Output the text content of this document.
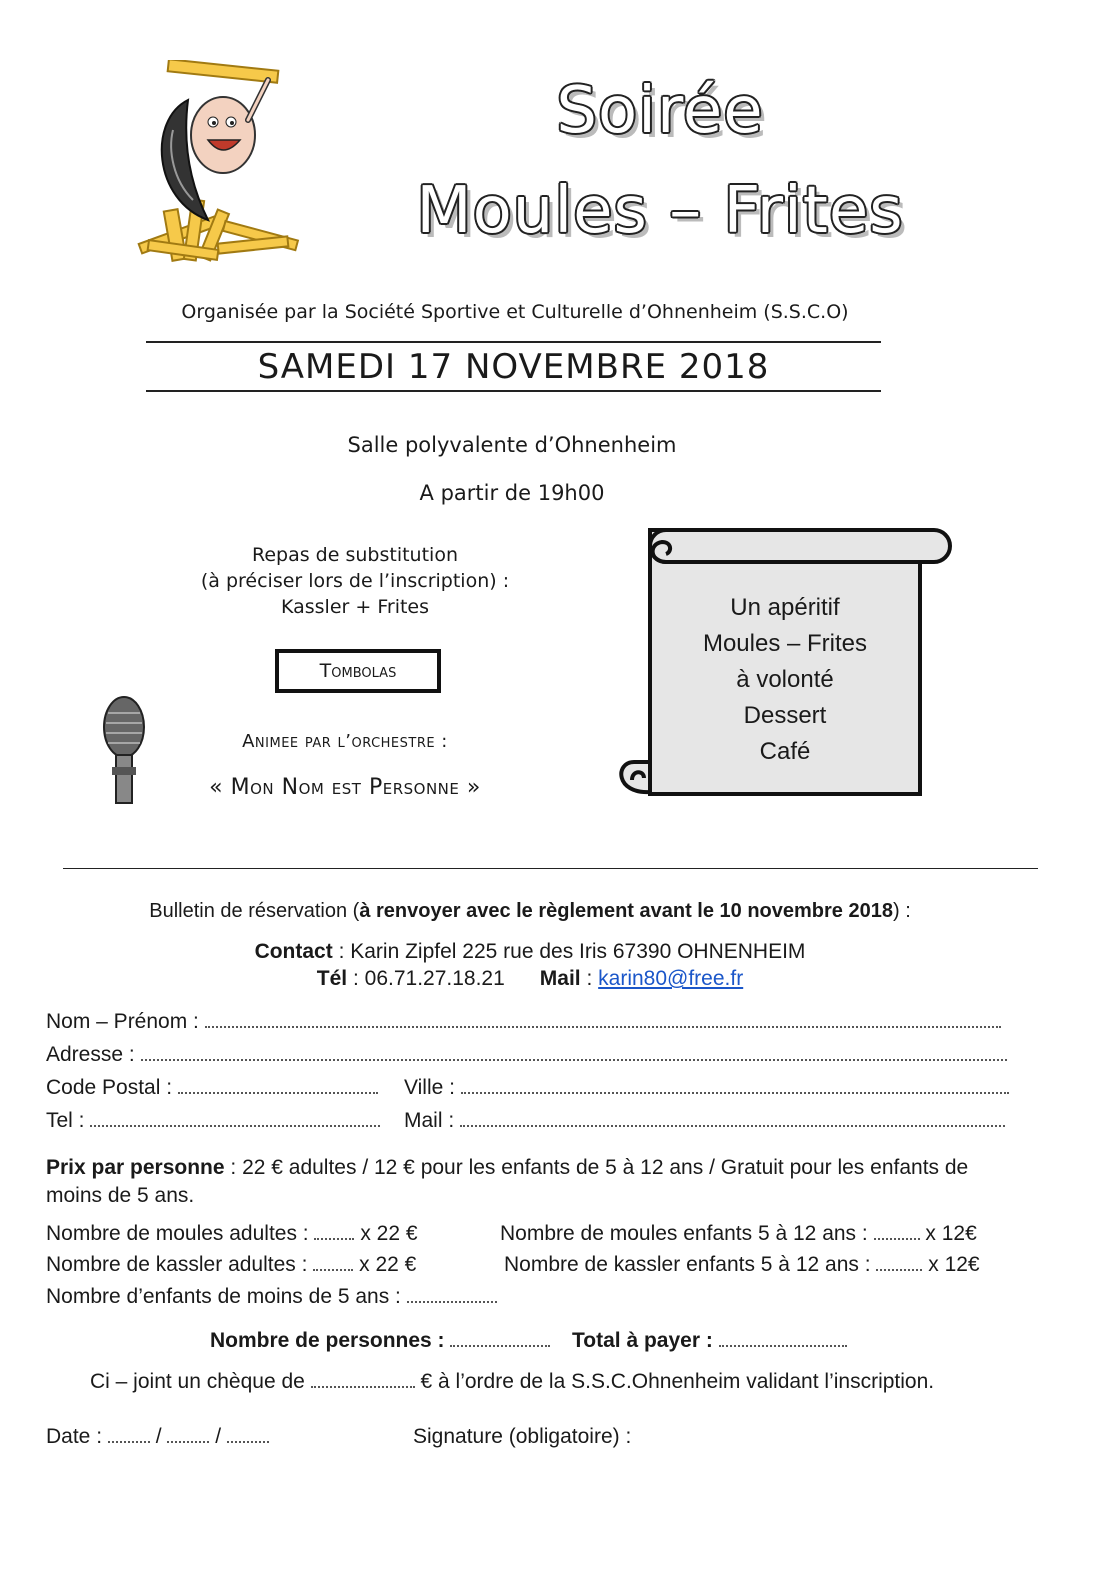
Soirée
Moules – Frites
Organisée par la Société Sportive et Culturelle d’Ohnenheim (S.S.C.O)
SAMEDI 17 NOVEMBRE 2018
Salle polyvalente d’Ohnenheim
A partir de 19h00
Repas de substitution
(à préciser lors de l’inscription) :
Kassler + Frites
Tombolas
Animee par l’orchestre :
« Mon Nom est Personne »
Un apéritif
Moules – Frites
à volonté
Dessert
Café
Bulletin de réservation (à renvoyer avec le règlement avant le 10 novembre 2018) :
Contact : Karin Zipfel 225 rue des Iris 67390 OHNENHEIM
Tél : 06.71.27.18.21 Mail : karin80@free.fr
Nom – Prénom :
Adresse :
Code Postal :	Ville :
Tel :	Mail :
Prix par personne : 22 € adultes / 12 € pour les enfants de 5 à 12 ans / Gratuit pour les enfants de
moins de 5 ans.
Nombre de moules adultes : x 22 €	Nombre de moules enfants 5 à 12 ans :	x 12€
Nombre de kassler adultes : x 22 €	Nombre de kassler enfants 5 à 12 ans :	x 12€
Nombre d’enfants de moins de 5 ans :
Nombre de personnes :	Total à payer :
Ci – joint un chèque de	€ à l’ordre de la S.S.C.Ohnenheim validant l’inscription.
Date :	/	/	Signature (obligatoire) :
